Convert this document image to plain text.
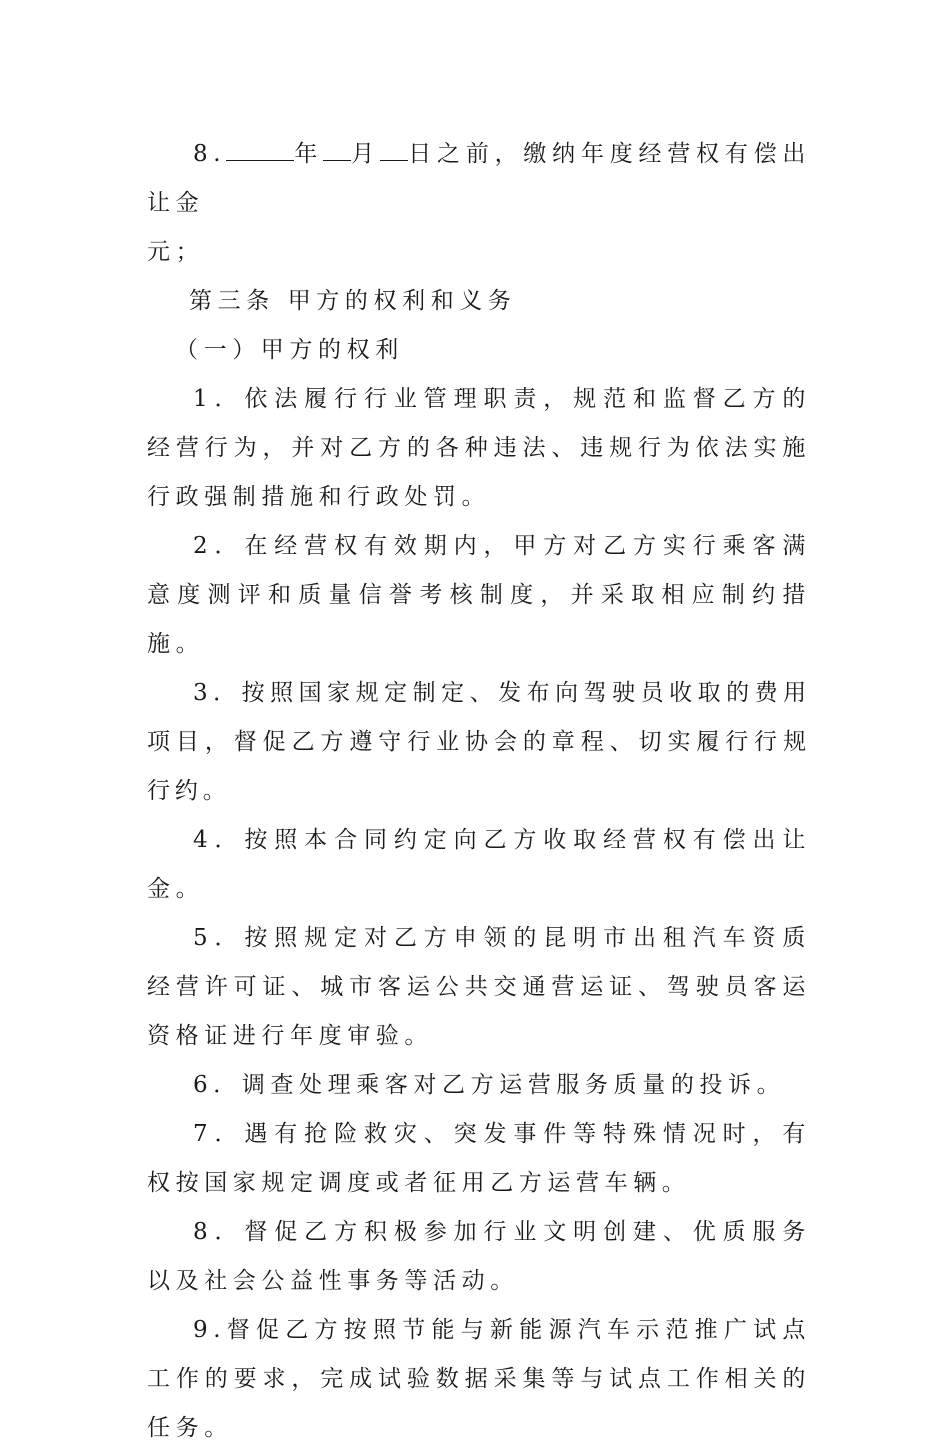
8.	年 月 日之前，缴纳年度经营权有偿出让金
元；

第三条 甲方的权利和义务

（一）甲方的权利

1．依法履行行业管理职责，规范和监督乙方的经营行为，并对乙方的各种违法、违规行为依法实施行政强制措施和行政处罚。

2．在经营权有效期内，甲方对乙方实行乘客满意度测评和质量信誉考核制度，并采取相应制约措施。

3．按照国家规定制定、发布向驾驶员收取的费用项目，督促乙方遵守行业协会的章程、切实履行行规行约。

4．按照本合同约定向乙方收取经营权有偿出让金。

5．按照规定对乙方申领的昆明市出租汽车资质经营许可证、城市客运公共交通营运证、驾驶员客运资格证进行年度审验。

6．调查处理乘客对乙方运营服务质量的投诉。

7．遇有抢险救灾、突发事件等特殊情况时，有权按国家规定调度或者征用乙方运营车辆。

8．督促乙方积极参加行业文明创建、优质服务以及社会公益性事务等活动。

9.督促乙方按照节能与新能源汽车示范推广试点工作的要求，完成试验数据采集等与试点工作相关的任务。
